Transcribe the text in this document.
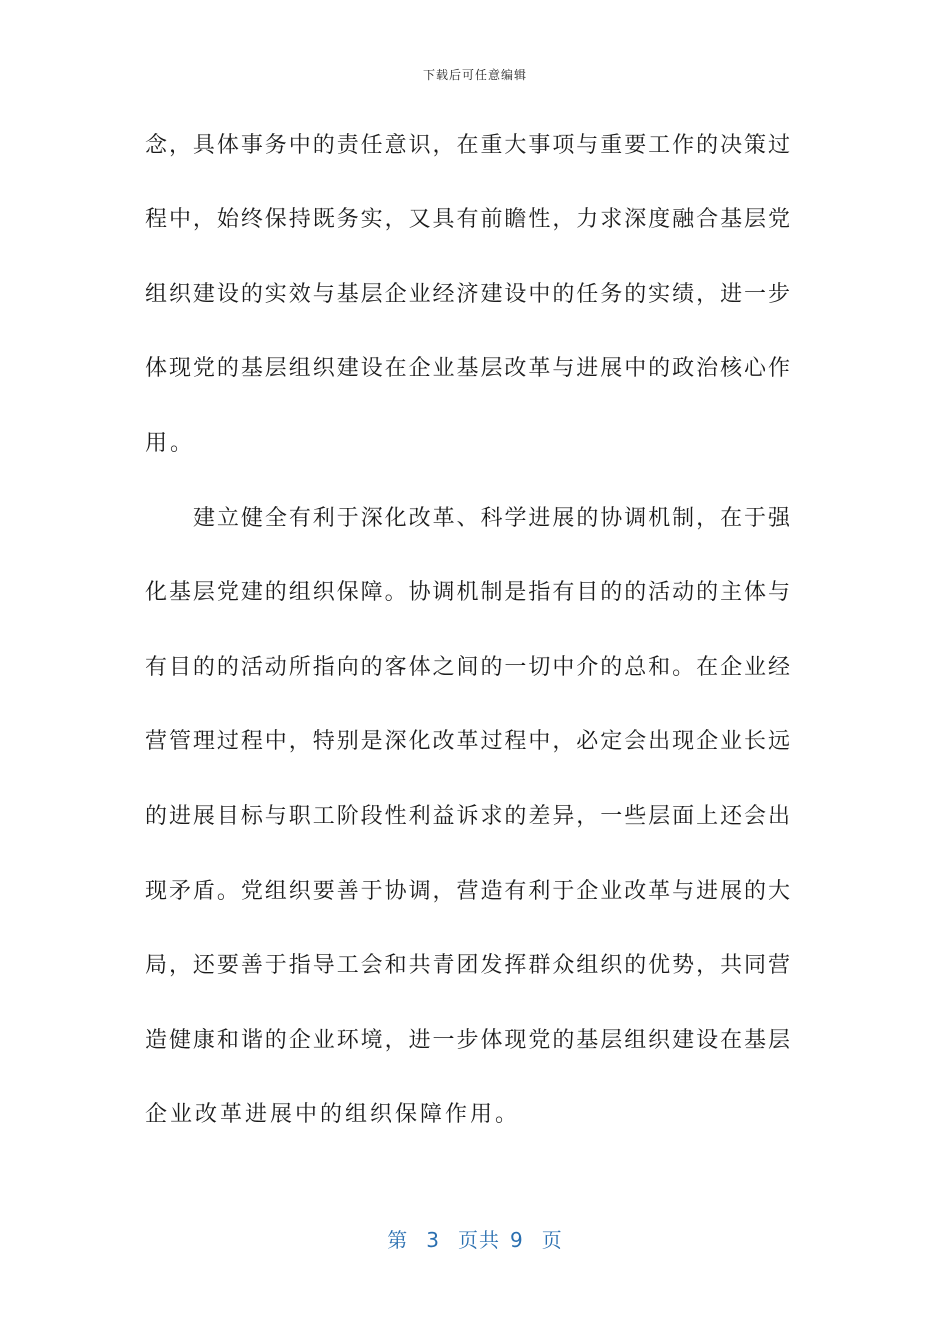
下载后可任意编辑
念，具体事务中的责任意识，在重大事项与重要工作的决策过
程中，始终保持既务实，又具有前瞻性，力求深度融合基层党
组织建设的实效与基层企业经济建设中的任务的实绩，进一步
体现党的基层组织建设在企业基层改革与进展中的政治核心作
用。
建立健全有利于深化改革、科学进展的协调机制，在于强
化基层党建的组织保障。协调机制是指有目的的活动的主体与
有目的的活动所指向的客体之间的一切中介的总和。在企业经
营管理过程中，特别是深化改革过程中，必定会出现企业长远
的进展目标与职工阶段性利益诉求的差异，一些层面上还会出
现矛盾。党组织要善于协调，营造有利于企业改革与进展的大
局，还要善于指导工会和共青团发挥群众组织的优势，共同营
造健康和谐的企业环境，进一步体现党的基层组织建设在基层
企业改革进展中的组织保障作用。
第 3 页共 9 页
